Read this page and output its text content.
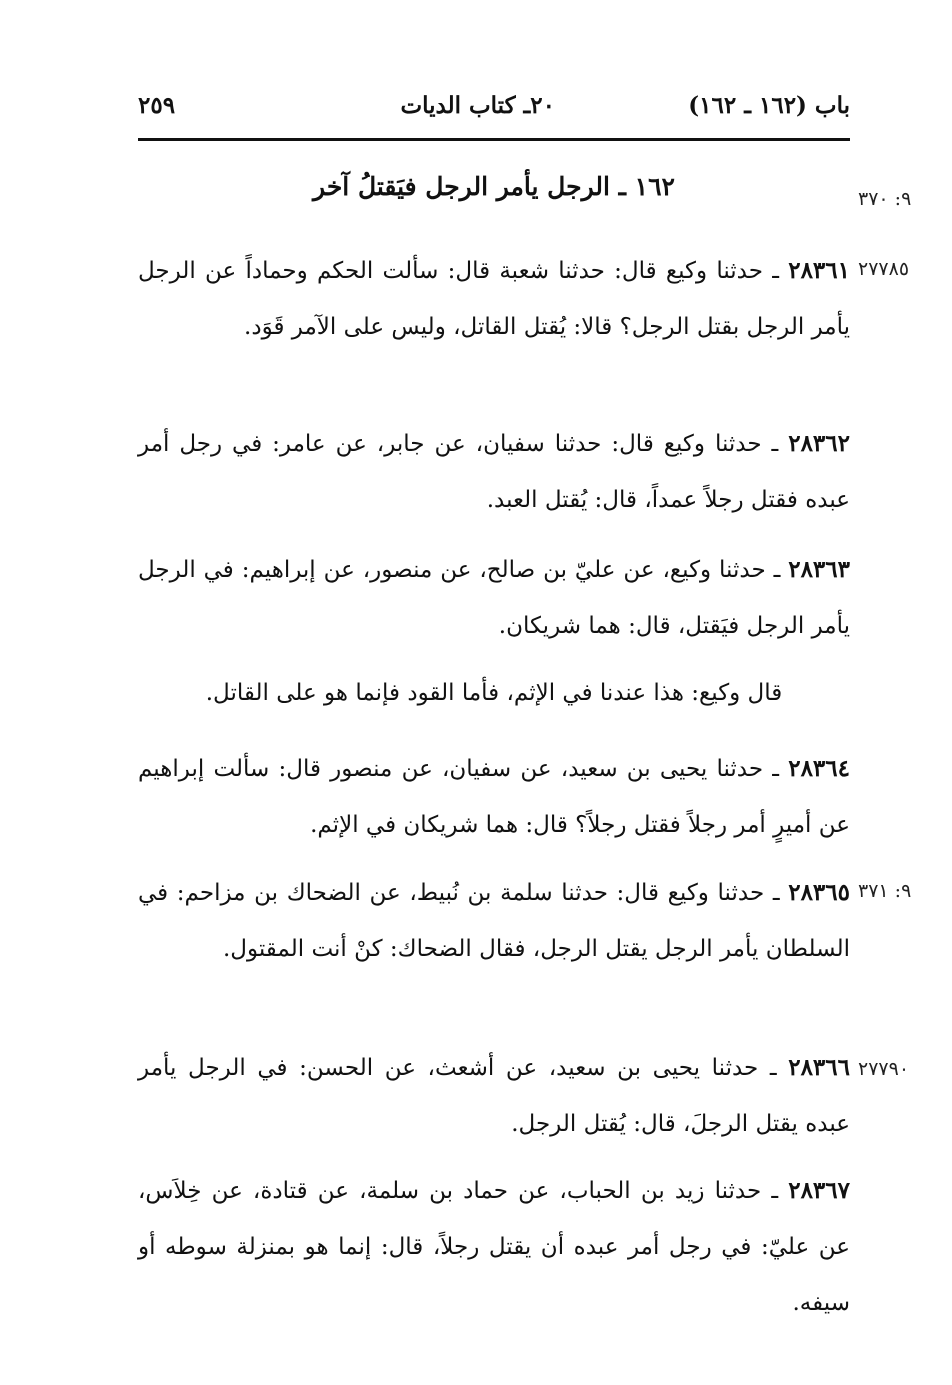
باب (١٦٢ ـ ١٦٢)
٢٠ـ كتاب الديات
٢٥٩
١٦٢ ـ الرجل يأمر الرجل فيَقتلُ آخر	٩: ٣٧٠
٢٧٧٨٥
٩: ٣٧١
٢٧٧٩٠
٢٨٣٦١ ـ حدثنا وكيع قال: حدثنا شعبة قال: سألت الحكم وحماداً عن الرجل يأمر الرجل بقتل الرجل؟ قالا: يُقتل القاتل، وليس على الآمر قَوَد.
٢٨٣٦٢ ـ حدثنا وكيع قال: حدثنا سفيان، عن جابر، عن عامر: في رجل أمر عبده فقتل رجلاً عمداً، قال: يُقتل العبد.
٢٨٣٦٣ ـ حدثنا وكيع، عن عليّ بن صالح، عن منصور، عن إبراهيم: في الرجل يأمر الرجل فيَقتل، قال: هما شريكان.
قال وكيع: هذا عندنا في الإثم، فأما القود فإنما هو على القاتل.
٢٨٣٦٤ ـ حدثنا يحيى بن سعيد، عن سفيان، عن منصور قال: سألت إبراهيم عن أميرٍ أمر رجلاً فقتل رجلاً؟ قال: هما شريكان في الإثم.
٢٨٣٦٥ ـ حدثنا وكيع قال: حدثنا سلمة بن نُبيط، عن الضحاك بن مزاحم: في السلطان يأمر الرجل يقتل الرجل، فقال الضحاك: كنْ أنت المقتول.
٢٨٣٦٦ ـ حدثنا يحيى بن سعيد، عن أشعث، عن الحسن: في الرجل يأمر عبده يقتل الرجلَ، قال: يُقتل الرجل.
٢٨٣٦٧ ـ حدثنا زيد بن الحباب، عن حماد بن سلمة، عن قتادة، عن خِلاَس، عن عليّ: في رجل أمر عبده أن يقتل رجلاً، قال: إنما هو بمنزلة سوطه أو سيفه.
